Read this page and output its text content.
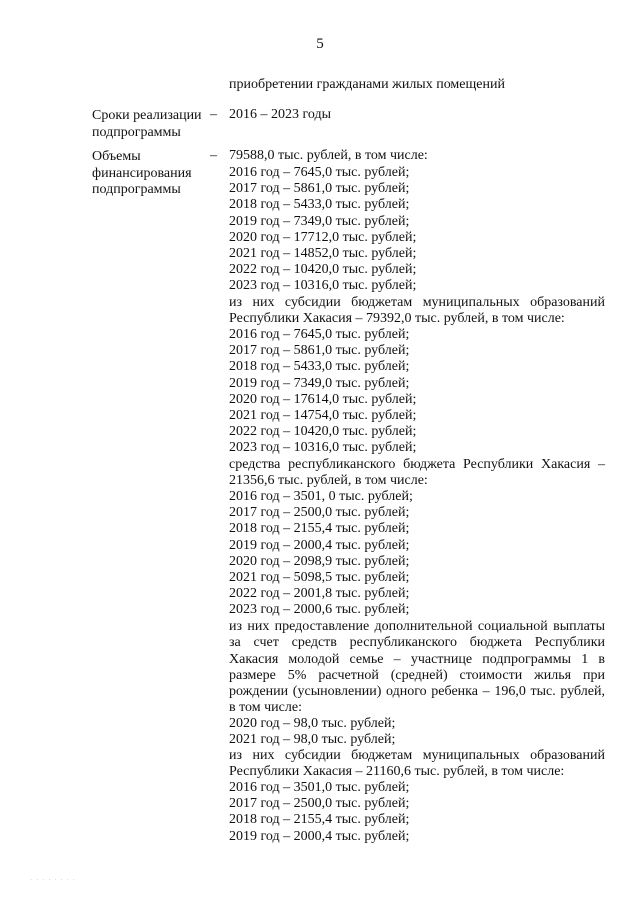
5
приобретении гражданами жилых помещений
Сроки реализации подпрограммы
– 2016 – 2023 годы
Объемы финансирования подпрограммы
– 79588,0 тыс. рублей, в том числе:
2016 год – 7645,0 тыс. рублей;
2017 год – 5861,0 тыс. рублей;
2018 год – 5433,0 тыс. рублей;
2019 год – 7349,0 тыс. рублей;
2020 год – 17712,0 тыс. рублей;
2021 год – 14852,0 тыс. рублей;
2022 год – 10420,0 тыс. рублей;
2023 год – 10316,0 тыс. рублей;
из них субсидии бюджетам муниципальных образований Республики Хакасия – 79392,0 тыс. рублей, в том числе:
2016 год – 7645,0 тыс. рублей;
2017 год – 5861,0 тыс. рублей;
2018 год – 5433,0 тыс. рублей;
2019 год – 7349,0 тыс. рублей;
2020 год – 17614,0 тыс. рублей;
2021 год – 14754,0 тыс. рублей;
2022 год – 10420,0 тыс. рублей;
2023 год – 10316,0 тыс. рублей;
средства республиканского бюджета Республики Хакасия – 21356,6 тыс. рублей, в том числе:
2016 год – 3501, 0 тыс. рублей;
2017 год – 2500,0 тыс. рублей;
2018 год – 2155,4 тыс. рублей;
2019 год – 2000,4 тыс. рублей;
2020 год – 2098,9 тыс. рублей;
2021 год – 5098,5 тыс. рублей;
2022 год – 2001,8 тыс. рублей;
2023 год – 2000,6 тыс. рублей;
из них предоставление дополнительной социальной выплаты за счет средств республиканского бюджета Республики Хакасия молодой семье – участнице подпрограммы 1 в размере 5% расчетной (средней) стоимости жилья при рождении (усыновлении) одного ребенка – 196,0 тыс. рублей, в том числе:
2020 год – 98,0 тыс. рублей;
2021 год – 98,0 тыс. рублей;
из них субсидии бюджетам муниципальных образований Республики Хакасия – 21160,6 тыс. рублей, в том числе:
2016 год – 3501,0 тыс. рублей;
2017 год – 2500,0 тыс. рублей;
2018 год – 2155,4 тыс. рублей;
2019 год – 2000,4 тыс. рублей;
· · · · · · · ·
